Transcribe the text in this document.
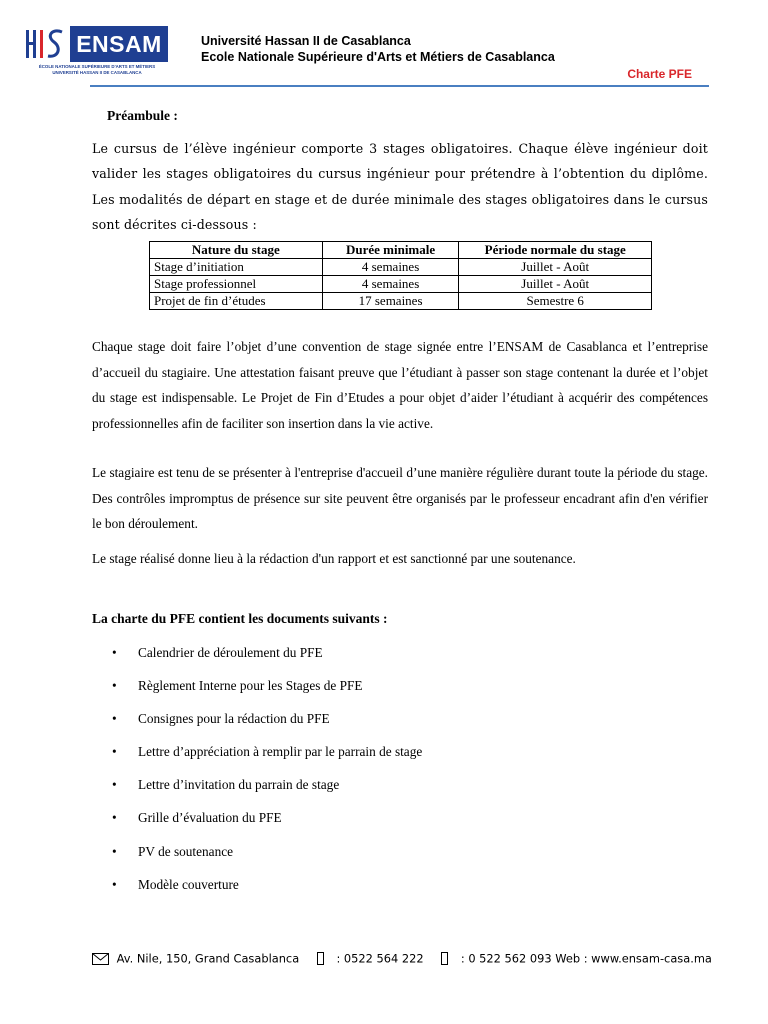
ENSAM
ÉCOLE NATIONALE SUPÉRIEURE D'ARTS ET MÉTIERS
UNIVERSITÉ HASSAN II DE CASABLANCA
Université Hassan II de Casablanca
Ecole Nationale Supérieure d'Arts et Métiers de Casablanca
Charte PFE
Préambule :

Le cursus de l’élève ingénieur comporte 3 stages obligatoires. Chaque élève ingénieur doit valider les stages obligatoires du cursus ingénieur pour prétendre à l’obtention du diplôme. Les modalités de départ en stage et de durée minimale des stages obligatoires dans le cursus sont décrites ci-dessous :

Nature du stage	Durée minimale	Période normale du stage
Stage d’initiation	4 semaines	Juillet - Août
Stage professionnel	4 semaines	Juillet - Août
Projet de fin d’études	17 semaines	Semestre 6

Chaque stage doit faire l’objet d’une convention de stage signée entre l’ENSAM de Casablanca et l’entreprise d’accueil du stagiaire. Une attestation faisant preuve que l’étudiant à passer son stage contenant la durée et l’objet du stage est indispensable. Le Projet de Fin d’Etudes a pour objet d’aider l’étudiant à acquérir des compétences professionnelles afin de faciliter son insertion dans la vie active.

Le stagiaire est tenu de se présenter à l'entreprise d'accueil d’une manière régulière durant toute la période du stage. Des contrôles impromptus de présence sur site peuvent être organisés par le professeur encadrant afin d'en vérifier le bon déroulement.

Le stage réalisé donne lieu à la rédaction d'un rapport et est sanctionné par une soutenance.

La charte du PFE contient les documents suivants :
• Calendrier de déroulement du PFE
• Règlement Interne pour les Stages de PFE
• Consignes pour la rédaction du PFE
• Lettre d’appréciation à remplir par le parrain de stage
• Lettre d’invitation du parrain de stage
• Grille d’évaluation du PFE
• PV de soutenance
• Modèle couverture
Av. Nile, 150, Grand Casablanca	: 0522 564 222	: 0 522 562 093 Web : www.ensam-casa.ma
